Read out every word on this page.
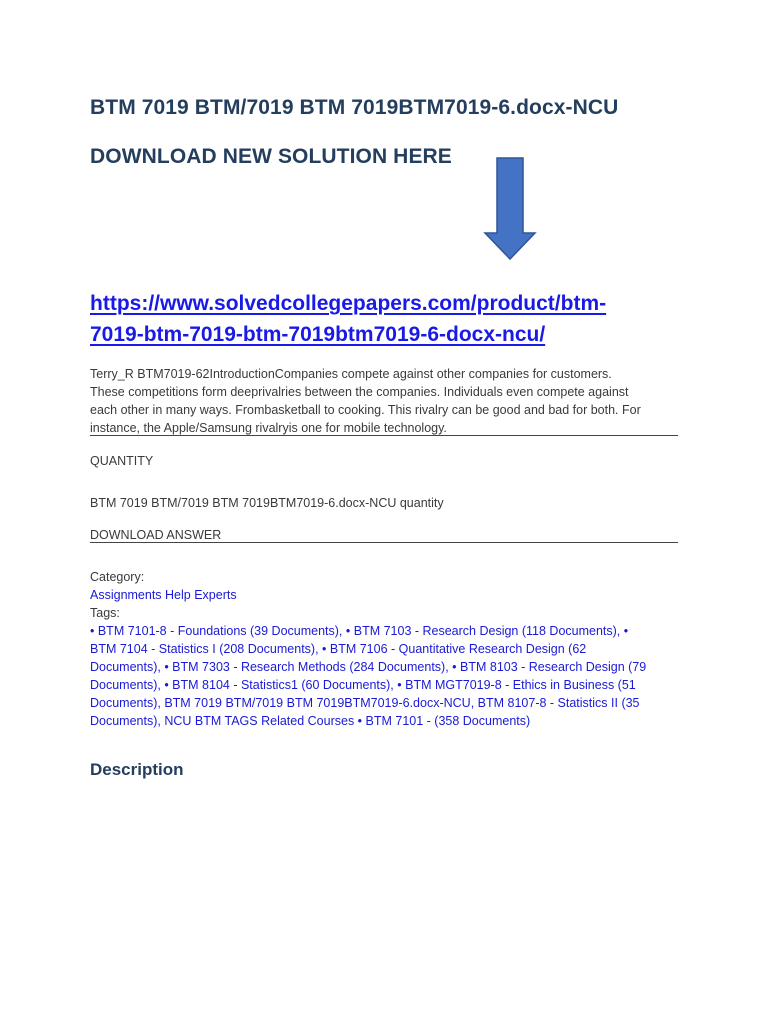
BTM 7019 BTM/7019 BTM 7019BTM7019-6.docx-NCU
DOWNLOAD NEW SOLUTION HERE
https://www.solvedcollegepapers.com/product/btm-
7019-btm-7019-btm-7019btm7019-6-docx-ncu/
Terry_R BTM7019-62IntroductionCompanies compete against other companies for customers.
These competitions form deeprivalries between the companies. Individuals even compete against
each other in many ways. Frombasketball to cooking. This rivalry can be good and bad for both. For
instance, the Apple/Samsung rivalryis one for mobile technology.
QUANTITY
BTM 7019 BTM/7019 BTM 7019BTM7019-6.docx-NCU quantity
DOWNLOAD ANSWER
Category:
Assignments Help Experts
Tags:
• BTM 7101-8 - Foundations (39 Documents), • BTM 7103 - Research Design (118 Documents), •
BTM 7104 - Statistics I (208 Documents), • BTM 7106 - Quantitative Research Design (62
Documents), • BTM 7303 - Research Methods (284 Documents), • BTM 8103 - Research Design (79
Documents), • BTM 8104 - Statistics1 (60 Documents), • BTM MGT7019-8 - Ethics in Business (51
Documents), BTM 7019 BTM/7019 BTM 7019BTM7019-6.docx-NCU, BTM 8107-8 - Statistics II (35
Documents), NCU BTM TAGS Related Courses • BTM 7101 - (358 Documents)
Description
